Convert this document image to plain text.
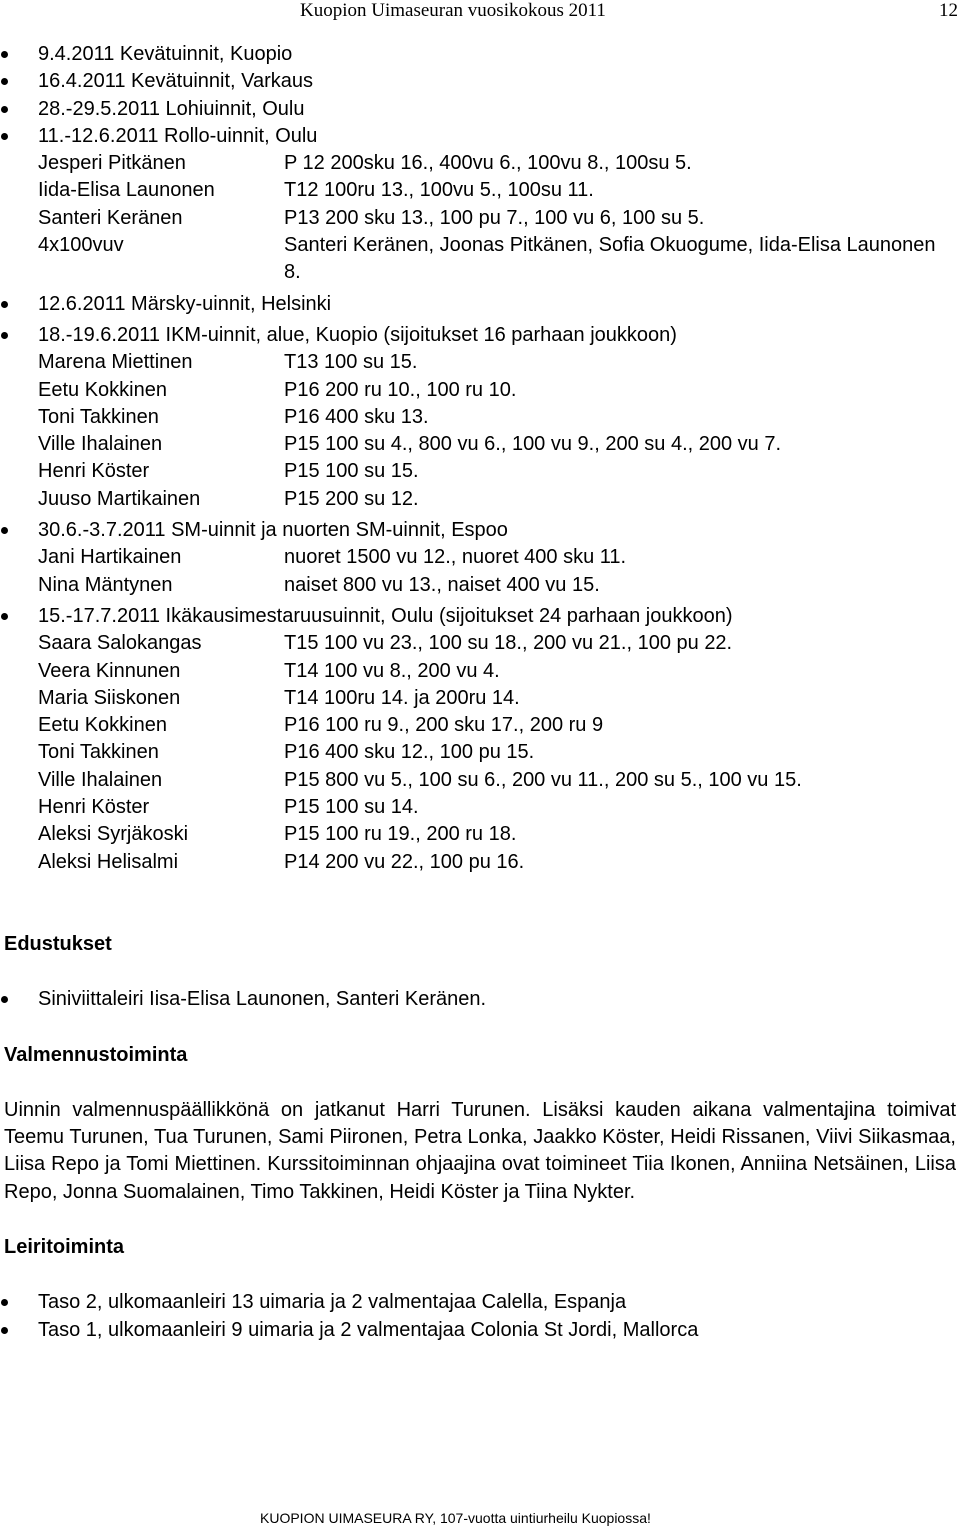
Kuopion Uimaseuran vuosikokous 2011	12
9.4.2011 Kevätuinnit, Kuopio
16.4.2011 Kevätuinnit, Varkaus
28.-29.5.2011 Lohiuinnit, Oulu
11.-12.6.2011 Rollo-uinnit, Oulu
Jesperi Pitkänen	P 12 200sku 16., 400vu 6., 100vu 8., 100su 5.
Iida-Elisa Launonen	T12 100ru 13., 100vu 5., 100su 11.
Santeri Keränen	P13 200 sku 13., 100 pu 7., 100 vu 6, 100 su 5.
4x100vuv	Santeri Keränen, Joonas Pitkänen, Sofia Okuogume, Iida-Elisa Launonen 8.
12.6.2011 Märsky-uinnit, Helsinki
18.-19.6.2011 IKM-uinnit, alue, Kuopio (sijoitukset 16 parhaan joukkoon)
Marena Miettinen	T13 100 su 15.
Eetu Kokkinen	P16 200 ru 10., 100 ru 10.
Toni Takkinen	P16 400 sku 13.
Ville Ihalainen	P15 100 su 4., 800 vu 6., 100 vu 9., 200 su 4., 200 vu 7.
Henri Köster	P15 100 su 15.
Juuso Martikainen	P15 200 su 12.
30.6.-3.7.2011 SM-uinnit ja nuorten SM-uinnit, Espoo
Jani Hartikainen	nuoret 1500 vu 12., nuoret 400 sku 11.
Nina Mäntynen	naiset 800 vu 13., naiset 400 vu 15.
15.-17.7.2011 Ikäkausimestaruusuinnit, Oulu (sijoitukset 24 parhaan joukkoon)
Saara Salokangas	T15 100 vu 23., 100 su 18., 200 vu 21., 100 pu 22.
Veera Kinnunen	T14 100 vu 8., 200 vu 4.
Maria Siiskonen	T14 100ru 14. ja 200ru 14.
Eetu Kokkinen	P16 100 ru 9., 200 sku 17., 200 ru 9
Toni Takkinen	P16 400 sku 12., 100 pu 15.
Ville Ihalainen	P15 800 vu 5., 100 su 6., 200 vu 11., 200 su 5., 100 vu 15.
Henri Köster	P15 100 su 14.
Aleksi Syrjäkoski	P15 100 ru 19., 200 ru 18.
Aleksi Helisalmi	P14 200 vu 22., 100 pu 16.
Edustukset
Siniviittaleiri Iisa-Elisa Launonen, Santeri Keränen.
Valmennustoiminta
Uinnin valmennuspäällikkönä on jatkanut Harri Turunen. Lisäksi kauden aikana valmentajina toimivat Teemu Turunen, Tua Turunen, Sami Piironen, Petra Lonka, Jaakko Köster, Heidi Rissanen, Viivi Siikasmaa, Liisa Repo ja Tomi Miettinen. Kurssitoiminnan ohjaajina ovat toimineet Tiia Ikonen, Anniina Netsäinen, Liisa Repo, Jonna Suomalainen, Timo Takkinen, Heidi Köster ja Tiina Nykter.
Leiritoiminta
Taso 2, ulkomaanleiri 13 uimaria ja 2 valmentajaa Calella, Espanja
Taso 1, ulkomaanleiri 9 uimaria ja 2 valmentajaa Colonia St Jordi, Mallorca
KUOPION UIMASEURA RY, 107-vuotta uintiurheilu Kuopiossa!
